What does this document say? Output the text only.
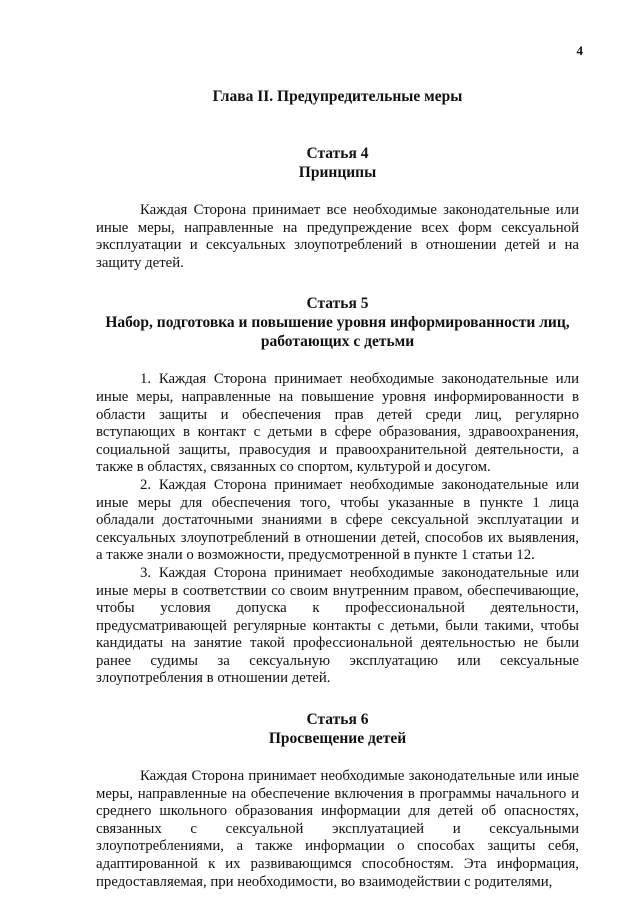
4
Глава II. Предупредительные меры
Статья 4
Принципы

Каждая Сторона принимает все необходимые законодательные или иные меры, направленные на предупреждение всех форм сексуальной эксплуатации и сексуальных злоупотреблений в отношении детей и на защиту детей.

Статья 5
Набор, подготовка и повышение уровня информированности лиц, работающих с детьми

1. Каждая Сторона принимает необходимые законодательные или иные меры, направленные на повышение уровня информированности в области защиты и обеспечения прав детей среди лиц, регулярно вступающих в контакт с детьми в сфере образования, здравоохранения, социальной защиты, правосудия и правоохранительной деятельности, а также в областях, связанных со спортом, культурой и досугом.

2. Каждая Сторона принимает необходимые законодательные или иные меры для обеспечения того, чтобы указанные в пункте 1 лица обладали достаточными знаниями в сфере сексуальной эксплуатации и сексуальных злоупотреблений в отношении детей, способов их выявления, а также знали о возможности, предусмотренной в пункте 1 статьи 12.

3. Каждая Сторона принимает необходимые законодательные или иные меры в соответствии со своим внутренним правом, обеспечивающие, чтобы условия допуска к профессиональной деятельности, предусматривающей регулярные контакты с детьми, были такими, чтобы кандидаты на занятие такой профессиональной деятельностью не были ранее судимы за сексуальную эксплуатацию или сексуальные злоупотребления в отношении детей.

Статья 6
Просвещение детей

Каждая Сторона принимает необходимые законодательные или иные меры, направленные на обеспечение включения в программы начального и среднего школьного образования информации для детей об опасностях, связанных с сексуальной эксплуатацией и сексуальными злоупотреблениями, а также информации о способах защиты себя, адаптированной к их развивающимся способностям. Эта информация, предоставляемая, при необходимости, во взаимодействии с родителями,
